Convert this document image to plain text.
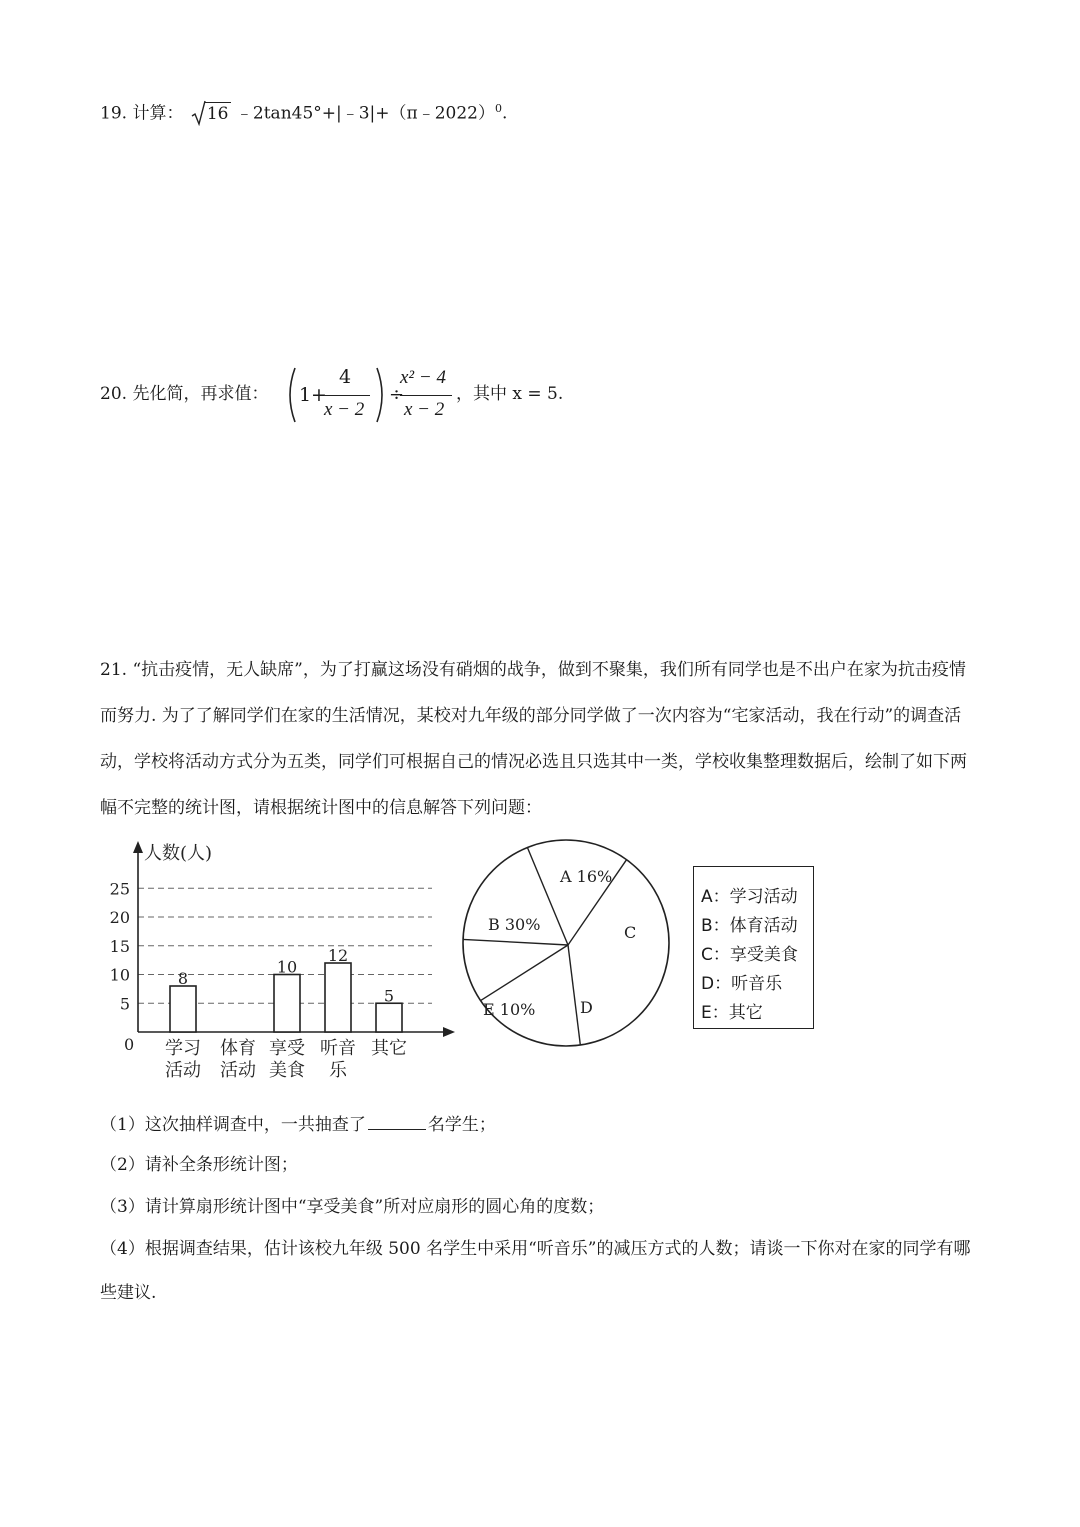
19. 计算： 16 ﹣2tan45°+|﹣3|+（π﹣2022）$^0$.
20. 先化简，再求值： 1 +
4
x − 2
÷
x² − 4
x − 2
，其中 x = 5.
21. “抗击疫情，无人缺席”，为了打赢这场没有硝烟的战争，做到不聚集，我们所有同学也是不出户在家为抗击疫情而努力. 为了了解同学们在家的生活情况，某校对九年级的部分同学做了一次内容为“宅家活动，我在行动”的调查活动，学校将活动方式分为五类，同学们可根据自己的情况必选且只选其中一类，学校收集整理数据后，绘制了如下两幅不完整的统计图，请根据统计图中的信息解答下列问题：
5
10
15
20
25
人数(人)
0
8
学习
活动
体育
活动
10
享受
美食
12
听音
乐
5
其它
A 16%
C
D
E 10%
B 30%
A：学习活动
B：体育活动
C：享受美食
D：听音乐
E：其它
（1）这次抽样调查中，一共抽查了	名学生；
（2）请补全条形统计图；
（3）请计算扇形统计图中“享受美食”所对应扇形的圆心角的度数；
（4）根据调查结果，估计该校九年级 500 名学生中采用“听音乐”的减压方式的人数；请谈一下你对在家的同学有哪些建议.
